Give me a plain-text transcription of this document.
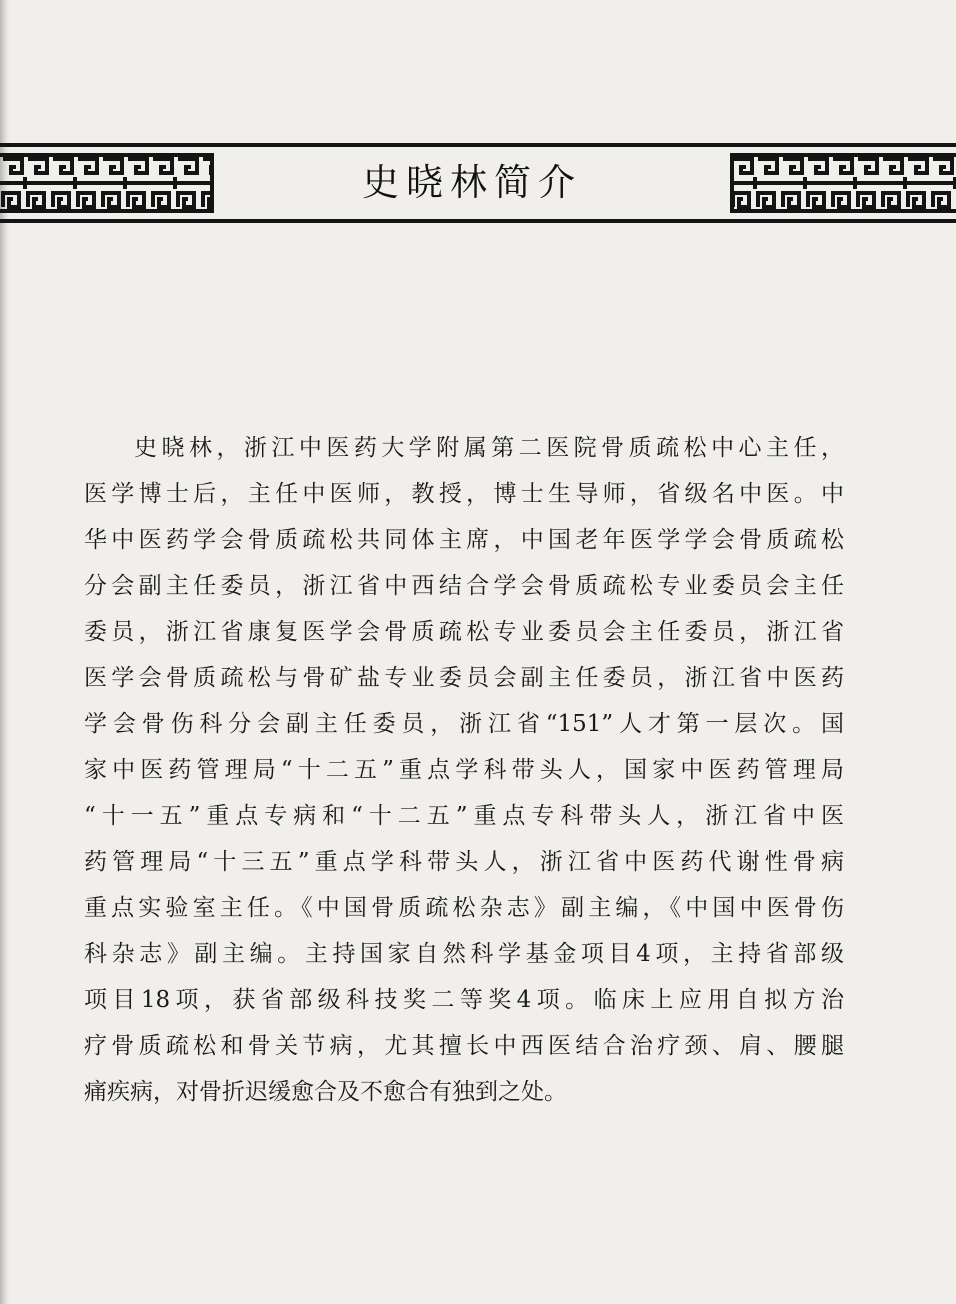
史晓林简介
史晓林，浙江中医药大学附属第二医院骨质疏松中心主任，
医学博士后，主任中医师，教授，博士生导师，省级名中医。中
华中医药学会骨质疏松共同体主席，中国老年医学学会骨质疏松
分会副主任委员，浙江省中西结合学会骨质疏松专业委员会主任
委员，浙江省康复医学会骨质疏松专业委员会主任委员，浙江省
医学会骨质疏松与骨矿盐专业委员会副主任委员，浙江省中医药
学会骨伤科分会副主任委员，浙江省“151”人才第一层次。国
家中医药管理局“十二五”重点学科带头人，国家中医药管理局
“十一五”重点专病和“十二五”重点专科带头人，浙江省中医
药管理局“十三五”重点学科带头人，浙江省中医药代谢性骨病
重点实验室主任。《中国骨质疏松杂志》副主编，《中国中医骨伤
科杂志》副主编。主持国家自然科学基金项目4项，主持省部级
项目18项，获省部级科技奖二等奖4项。临床上应用自拟方治
疗骨质疏松和骨关节病，尤其擅长中西医结合治疗颈、肩、腰腿
痛疾病，对骨折迟缓愈合及不愈合有独到之处。
